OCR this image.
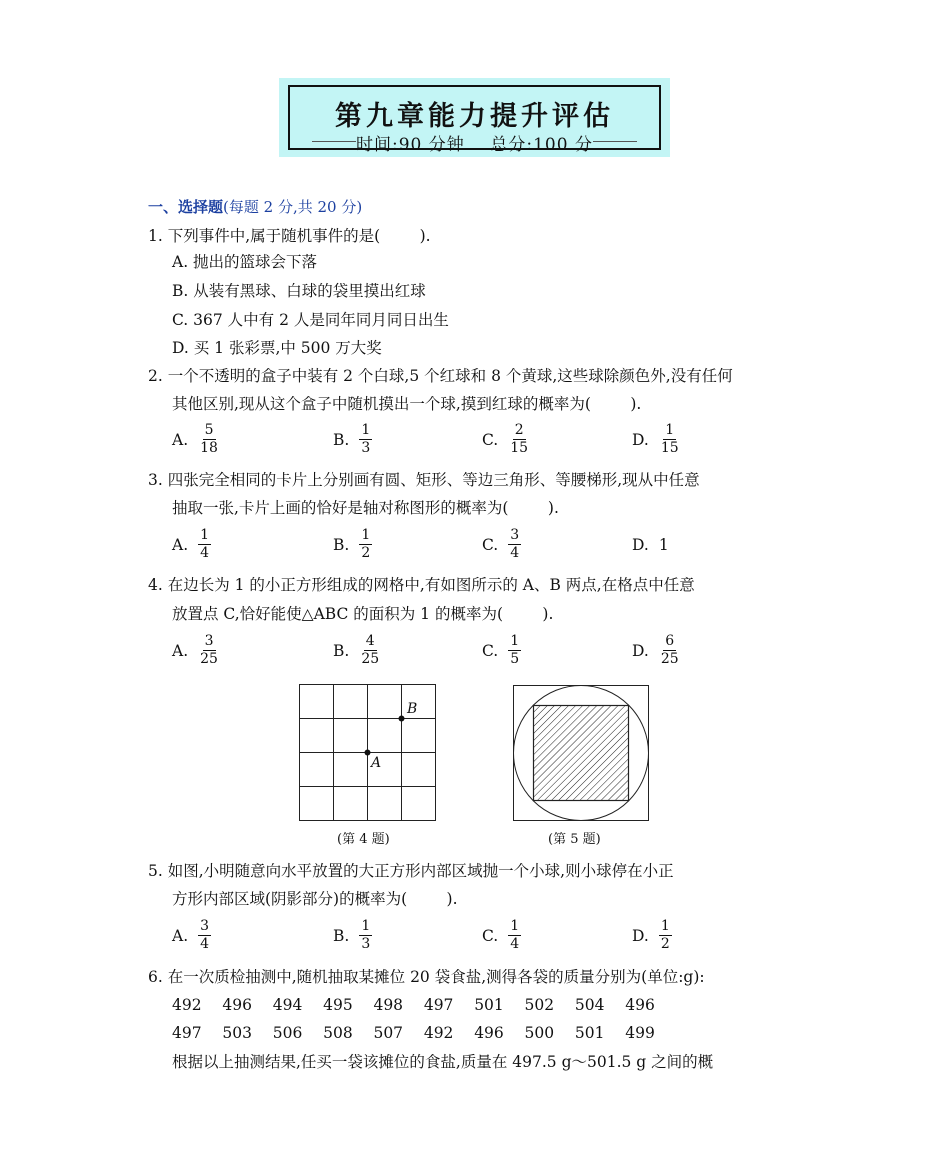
第九章能力提升评估
时间:90 分钟    总分:100 分
一、选择题(每题 2 分,共 20 分)
1. 下列事件中,属于随机事件的是(        ).
A. 抛出的篮球会下落
B. 从装有黑球、白球的袋里摸出红球
C. 367 人中有 2 人是同年同月同日出生
D. 买 1 张彩票,中 500 万大奖
2. 一个不透明的盒子中装有 2 个白球,5 个红球和 8 个黄球,这些球除颜色外,没有任何
其他区别,现从这个盒子中随机摸出一个球,摸到红球的概率为(        ).
A. $\frac{5}{18}$	B. $\frac{1}{3}$	C. $\frac{2}{15}$	D. $\frac{1}{15}$
3. 四张完全相同的卡片上分别画有圆、矩形、等边三角形、等腰梯形,现从中任意
抽取一张,卡片上画的恰好是轴对称图形的概率为(        ).
A. $\frac{1}{4}$	B. $\frac{1}{2}$	C. $\frac{3}{4}$	D. 1
4. 在边长为 1 的小正方形组成的网格中,有如图所示的 A、B 两点,在格点中任意
放置点 C,恰好能使△ABC 的面积为 1 的概率为(        ).
A. $\frac{3}{25}$	B. $\frac{4}{25}$	C. $\frac{1}{5}$	D. $\frac{6}{25}$
B
A
(第 4 题)	(第 5 题)
5. 如图,小明随意向水平放置的大正方形内部区域抛一个小球,则小球停在小正
方形内部区域(阴影部分)的概率为(        ).
A. $\frac{3}{4}$	B. $\frac{1}{3}$	C. $\frac{1}{4}$	D. $\frac{1}{2}$
6. 在一次质检抽测中,随机抽取某摊位 20 袋食盐,测得各袋的质量分别为(单位:g):
492   496   494   495   498   497   501   502   504   496
497   503   506   508   507   492   496   500   501   499
根据以上抽测结果,任买一袋该摊位的食盐,质量在 497.5 g～501.5 g 之间的概
